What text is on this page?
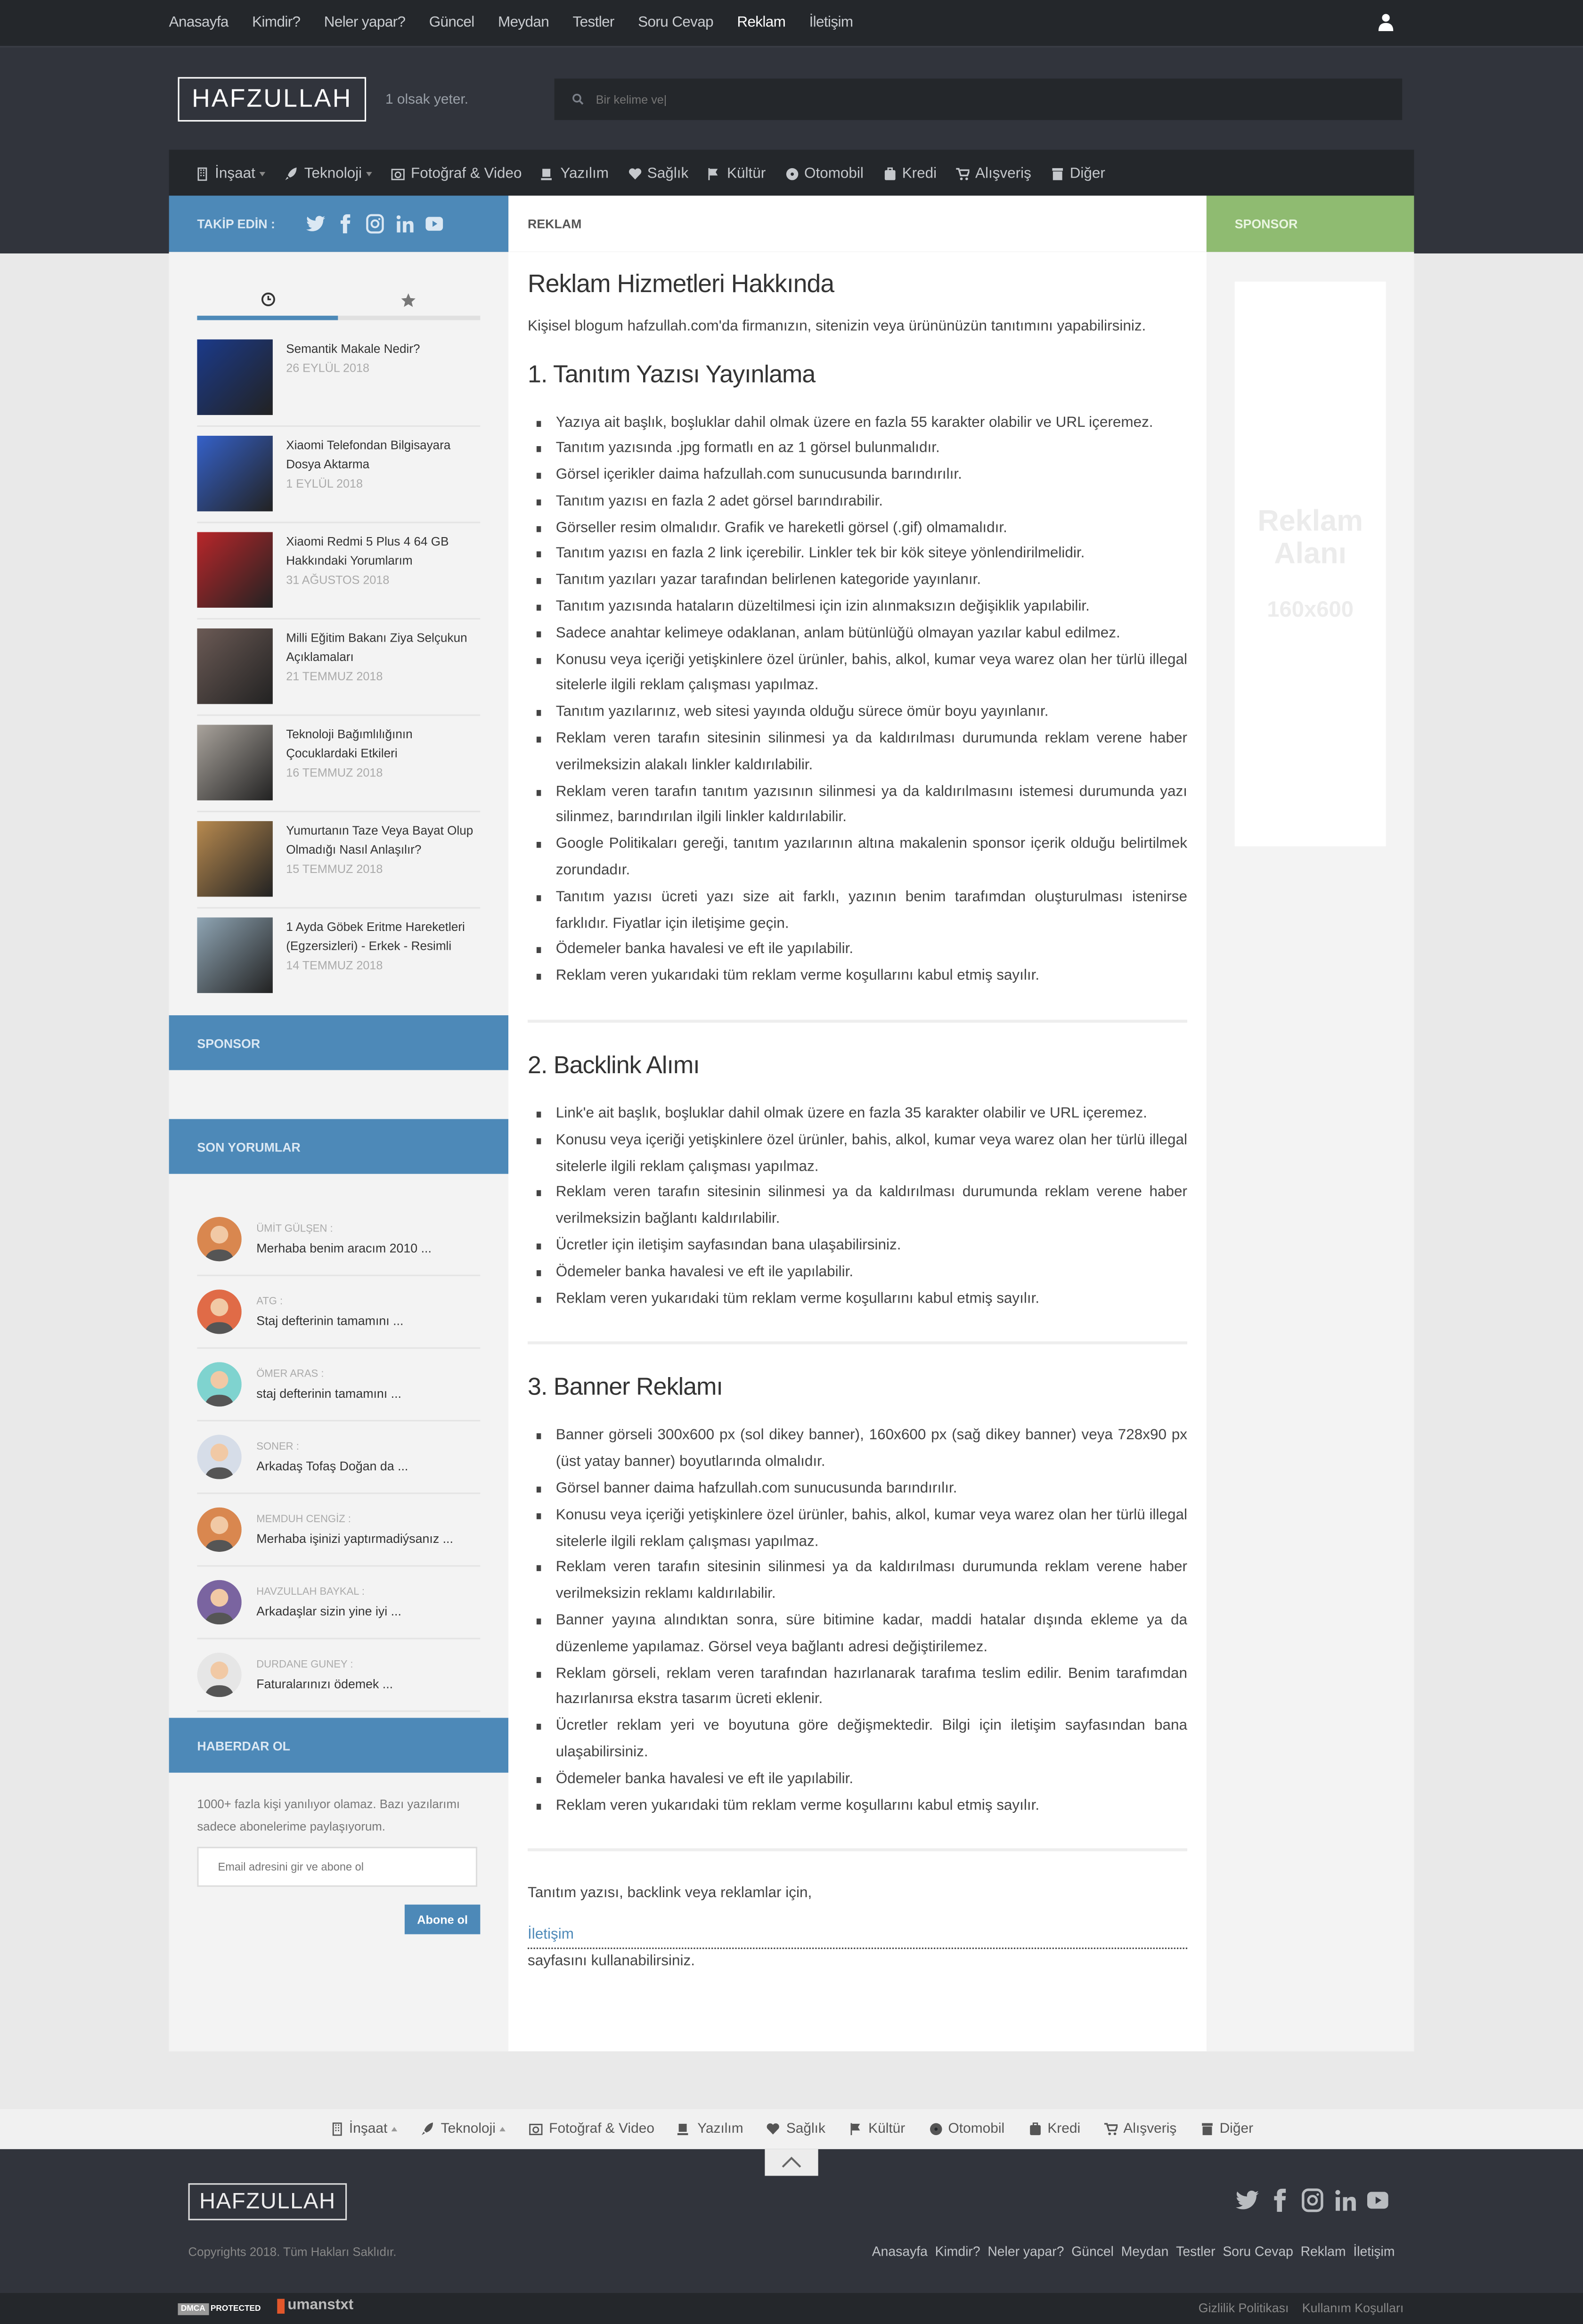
Anasayfa	Kimdir?	Neler yapar?	Güncel	Meydan	Testler	Soru Cevap	Reklam	İletişim
HAFZULLAH	1 olsak yeter.
Bir kelime ve|
İnşaat	Teknoloji	Fotoğraf & Video	Yazılım	Sağlık	Kültür	Otomobil	Kredi	Alışveriş	Diğer
TAKİP EDİN :	REKLAM	SPONSOR
Semantik Makale Nedir?
26 EYLÜL 2018
Xiaomi Telefondan Bilgisayara Dosya Aktarma
1 EYLÜL 2018
Xiaomi Redmi 5 Plus 4 64 GB Hakkındaki Yorumlarım
31 AĞUSTOS 2018
Milli Eğitim Bakanı Ziya Selçukun Açıklamaları
21 TEMMUZ 2018
Teknoloji Bağımlılığının Çocuklardaki Etkileri
16 TEMMUZ 2018
Yumurtanın Taze Veya Bayat Olup Olmadığı Nasıl Anlaşılır?
15 TEMMUZ 2018
1 Ayda Göbek Eritme Hareketleri (Egzersizleri) - Erkek - Resimli
14 TEMMUZ 2018
SPONSOR
SON YORUMLAR
ÜMİT GÜLŞEN :
Merhaba benim aracım 2010 ...
ATG :
Staj defterinin tamamını ...
ÖMER ARAS :
staj defterinin tamamını ...
SONER :
Arkadaş Tofaş Doğan da ...
MEMDUH CENGİZ :
Merhaba işinizi yaptırmadiýsanız ...
HAVZULLAH BAYKAL :
Arkadaşlar sizin yine iyi ...
DURDANE GUNEY :
Faturalarınızı ödemek ...
HABERDAR OL
1000+ fazla kişi yanılıyor olamaz. Bazı yazılarımı sadece abonelerime paylaşıyorum.
Email adresini gir ve abone ol
Abone ol
Reklam Hizmetleri Hakkında

Kişisel blogum hafzullah.com'da firmanızın, sitenizin veya ürününüzün tanıtımını yapabilirsiniz.

1. Tanıtım Yazısı Yayınlama
Yazıya ait başlık, boşluklar dahil olmak üzere en fazla 55 karakter olabilir ve URL içeremez.
Tanıtım yazısında .jpg formatlı en az 1 görsel bulunmalıdır.
Görsel içerikler daima hafzullah.com sunucusunda barındırılır.
Tanıtım yazısı en fazla 2 adet görsel barındırabilir.
Görseller resim olmalıdır. Grafik ve hareketli görsel (.gif) olmamalıdır.
Tanıtım yazısı en fazla 2 link içerebilir. Linkler tek bir kök siteye yönlendirilmelidir.
Tanıtım yazıları yazar tarafından belirlenen kategoride yayınlanır.
Tanıtım yazısında hataların düzeltilmesi için izin alınmaksızın değişiklik yapılabilir.
Sadece anahtar kelimeye odaklanan, anlam bütünlüğü olmayan yazılar kabul edilmez.
Konusu veya içeriği yetişkinlere özel ürünler, bahis, alkol, kumar veya warez olan her türlü illegal sitelerle ilgili reklam çalışması yapılmaz.
Tanıtım yazılarınız, web sitesi yayında olduğu sürece ömür boyu yayınlanır.
Reklam veren tarafın sitesinin silinmesi ya da kaldırılması durumunda reklam verene haber verilmeksizin alakalı linkler kaldırılabilir.
Reklam veren tarafın tanıtım yazısının silinmesi ya da kaldırılmasını istemesi durumunda yazı silinmez, barındırılan ilgili linkler kaldırılabilir.
Google Politikaları gereği, tanıtım yazılarının altına makalenin sponsor içerik olduğu belirtilmek zorundadır.
Tanıtım yazısı ücreti yazı size ait farklı, yazının benim tarafımdan oluşturulması istenirse farklıdır. Fiyatlar için iletişime geçin.
Ödemeler banka havalesi ve eft ile yapılabilir.
Reklam veren yukarıdaki tüm reklam verme koşullarını kabul etmiş sayılır.
2. Backlink Alımı
Link'e ait başlık, boşluklar dahil olmak üzere en fazla 35 karakter olabilir ve URL içeremez.
Konusu veya içeriği yetişkinlere özel ürünler, bahis, alkol, kumar veya warez olan her türlü illegal sitelerle ilgili reklam çalışması yapılmaz.
Reklam veren tarafın sitesinin silinmesi ya da kaldırılması durumunda reklam verene haber verilmeksizin bağlantı kaldırılabilir.
Ücretler için iletişim sayfasından bana ulaşabilirsiniz.
Ödemeler banka havalesi ve eft ile yapılabilir.
Reklam veren yukarıdaki tüm reklam verme koşullarını kabul etmiş sayılır.
3. Banner Reklamı
Banner görseli 300x600 px (sol dikey banner), 160x600 px (sağ dikey banner) veya 728x90 px (üst yatay banner) boyutlarında olmalıdır.
Görsel banner daima hafzullah.com sunucusunda barındırılır.
Konusu veya içeriği yetişkinlere özel ürünler, bahis, alkol, kumar veya warez olan her türlü illegal sitelerle ilgili reklam çalışması yapılmaz.
Reklam veren tarafın sitesinin silinmesi ya da kaldırılması durumunda reklam verene haber verilmeksizin reklamı kaldırılabilir.
Banner yayına alındıktan sonra, süre bitimine kadar, maddi hatalar dışında ekleme ya da düzenleme yapılamaz. Görsel veya bağlantı adresi değiştirilemez.
Reklam görseli, reklam veren tarafından hazırlanarak tarafıma teslim edilir. Benim tarafımdan hazırlanırsa ekstra tasarım ücreti eklenir.
Ücretler reklam yeri ve boyutuna göre değişmektedir. Bilgi için iletişim sayfasından bana ulaşabilirsiniz.
Ödemeler banka havalesi ve eft ile yapılabilir.
Reklam veren yukarıdaki tüm reklam verme koşullarını kabul etmiş sayılır.
Tanıtım yazısı, backlink veya reklamlar için,
İletişim
sayfasını kullanabilirsiniz.
Reklam Alanı
160x600
İnşaat	Teknoloji	Fotoğraf & Video	Yazılım	Sağlık	Kültür	Otomobil	Kredi	Alışveriş	Diğer
HAFZULLAH
Copyrights 2018. Tüm Hakları Saklıdır.	Anasayfa Kimdir? Neler yapar? Güncel Meydan Testler Soru Cevap Reklam İletişim
DMCA
	PROTECTED	umanstxt	Gizlilik Politikası	Kullanım Koşulları
